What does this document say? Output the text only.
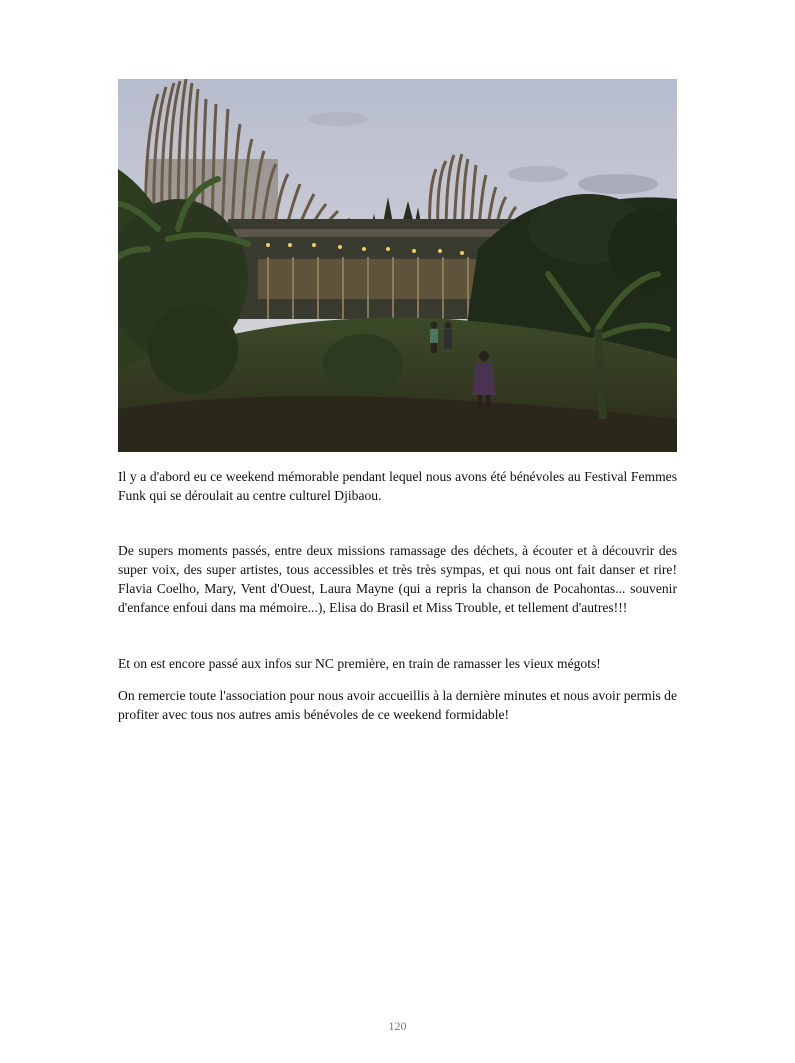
Il y a d'abord eu ce weekend mémorable pendant lequel nous avons été bénévoles au Festival Femmes Funk qui se déroulait au centre culturel Djibaou.

De supers moments passés, entre deux missions ramassage des déchets, à écouter et à découvrir des super voix, des super artistes, tous accessibles et très très sympas, et qui nous ont fait danser et rire! Flavia Coelho, Mary, Vent d'Ouest, Laura Mayne (qui a repris la chanson de Pocahontas... souvenir d'enfance enfoui dans ma mémoire...), Elisa do Brasil et Miss Trouble, et tellement d'autres!!!

Et on est encore passé aux infos sur NC première, en train de ramasser les vieux mégots!

On remercie toute l'association pour nous avoir accueillis à la dernière minutes et nous avoir permis de profiter avec tous nos autres amis bénévoles de ce weekend formidable!

120
